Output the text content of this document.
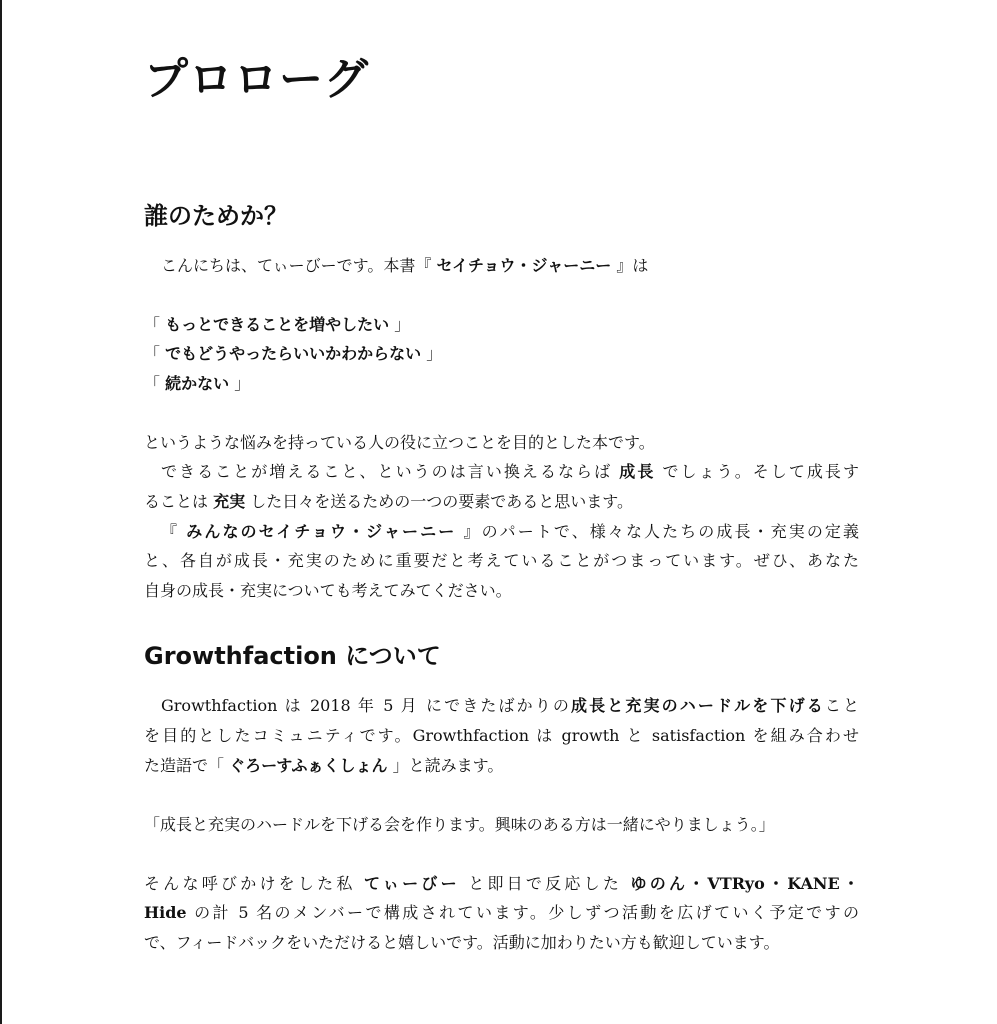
プロローグ
誰のためか？

こんにちは、てぃーびーです。本書『 セイチョウ・ジャーニー 』は

「 もっとできることを増やしたい 」

「 でもどうやったらいいかわからない 」

「 続かない 」

というような悩みを持っている人の役に立つことを目的とした本です。

できることが増えること、というのは言い換えるならば 成長 でしょう。そして成長す

ることは 充実 した日々を送るための一つの要素であると思います。

『 みんなのセイチョウ・ジャーニー 』のパートで、様々な人たちの成長・充実の定義

と、各自が成長・充実のために重要だと考えていることがつまっています。ぜひ、あなた

自身の成長・充実についても考えてみてください。

Growthfaction について

Growthfaction は 2018 年 5 月 にできたばかりの成長と充実のハードルを下げること

を目的としたコミュニティです。Growthfaction は growth と satisfaction を組み合わせ

た造語で「 ぐろーすふぁくしょん 」と読みます。

「成長と充実のハードルを下げる会を作ります。興味のある方は一緒にやりましょう。」

そんな呼びかけをした私 てぃーびー と即日で反応した ゆのん・VTRyo・KANE・

Hide の計 5 名のメンバーで構成されています。少しずつ活動を広げていく予定ですの

で、フィードバックをいただけると嬉しいです。活動に加わりたい方も歓迎しています。
